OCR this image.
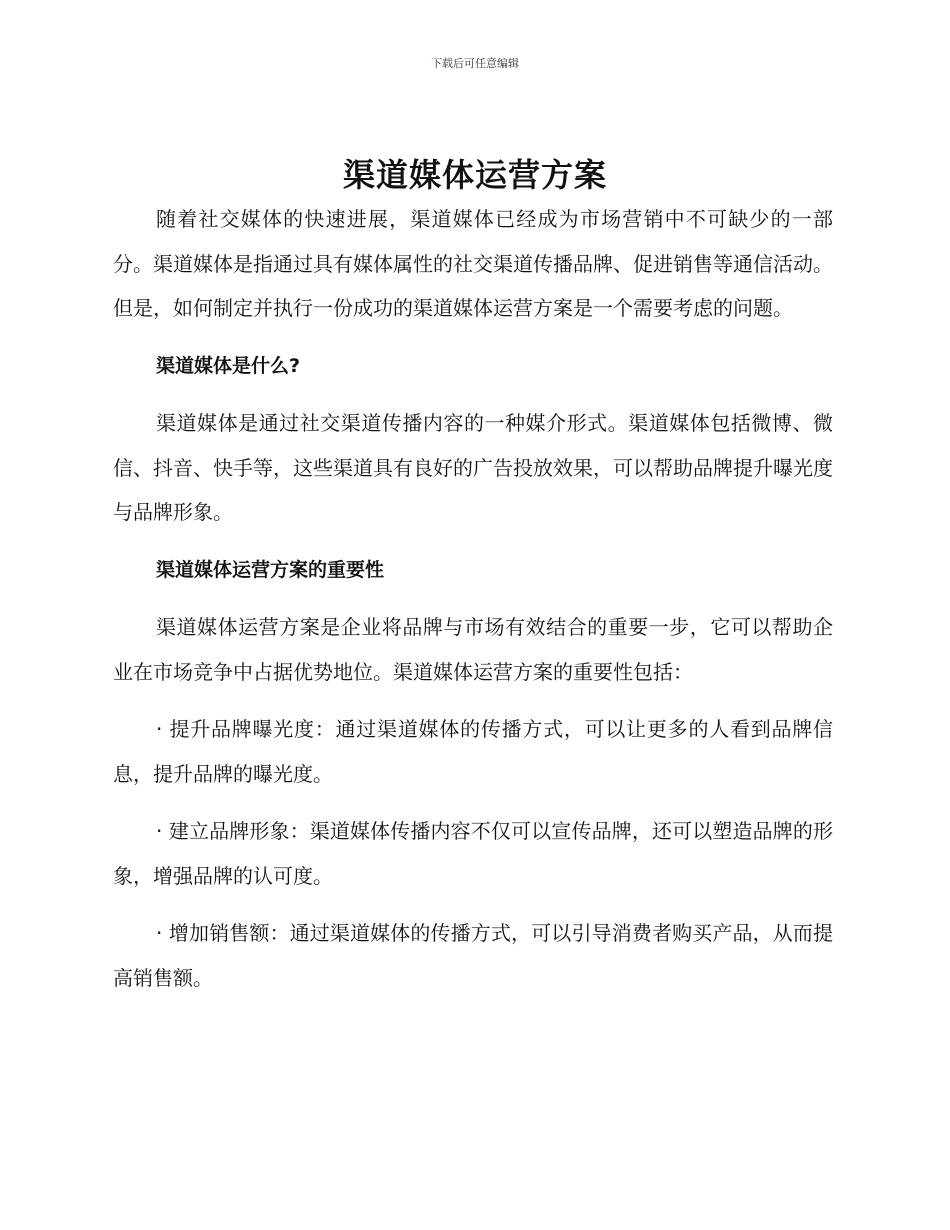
下载后可任意编辑
渠道媒体运营方案

随着社交媒体的快速进展，渠道媒体已经成为市场营销中不可缺少的一部分。渠道媒体是指通过具有媒体属性的社交渠道传播品牌、促进销售等通信活动。但是，如何制定并执行一份成功的渠道媒体运营方案是一个需要考虑的问题。

渠道媒体是什么?

渠道媒体是通过社交渠道传播内容的一种媒介形式。渠道媒体包括微博、微信、抖音、快手等，这些渠道具有良好的广告投放效果，可以帮助品牌提升曝光度与品牌形象。

渠道媒体运营方案的重要性

渠道媒体运营方案是企业将品牌与市场有效结合的重要一步，它可以帮助企业在市场竞争中占据优势地位。渠道媒体运营方案的重要性包括：

· 提升品牌曝光度：通过渠道媒体的传播方式，可以让更多的人看到品牌信息，提升品牌的曝光度。

· 建立品牌形象：渠道媒体传播内容不仅可以宣传品牌，还可以塑造品牌的形象，增强品牌的认可度。

· 增加销售额：通过渠道媒体的传播方式，可以引导消费者购买产品，从而提高销售额。
